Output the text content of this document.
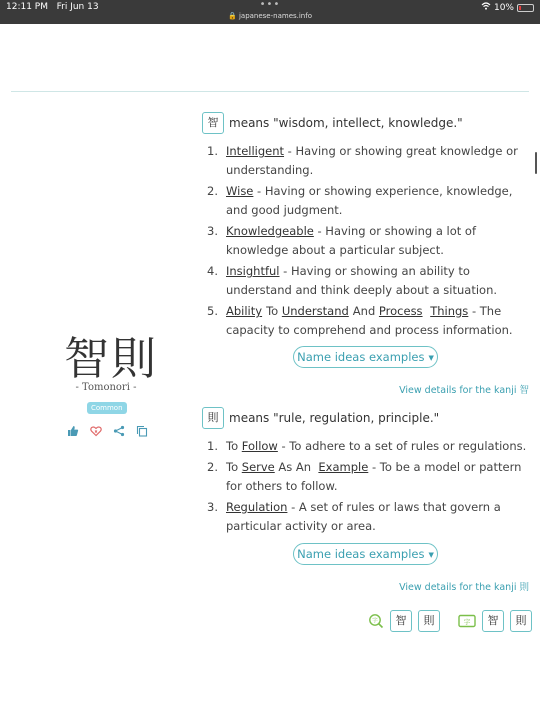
12:11 PM Fri Jun 13	•••
🔒 japanese-names.info
10%
智則
- Tomonori -
Common
智 means "wisdom, intellect, knowledge."
1. Intelligent - Having or showing great knowledge or understanding.
2. Wise - Having or showing experience, knowledge, and good judgment.
3. Knowledgeable - Having or showing a lot of knowledge about a particular subject.
4. Insightful - Having or showing an ability to understand and think deeply about a situation.
5. Ability To Understand And Process Things - The capacity to comprehend and process information.
Name ideas examples ▼
View details for the kanji 智
則 means "rule, regulation, principle."
1. To Follow - To adhere to a set of rules or regulations.
2. To Serve As An  Example - To be a model or pattern for others to follow.
3. Regulation - A set of rules or laws that govern a particular activity or area.
Name ideas examples ▼
View details for the kanji 則
字	智	則	字	智	則
